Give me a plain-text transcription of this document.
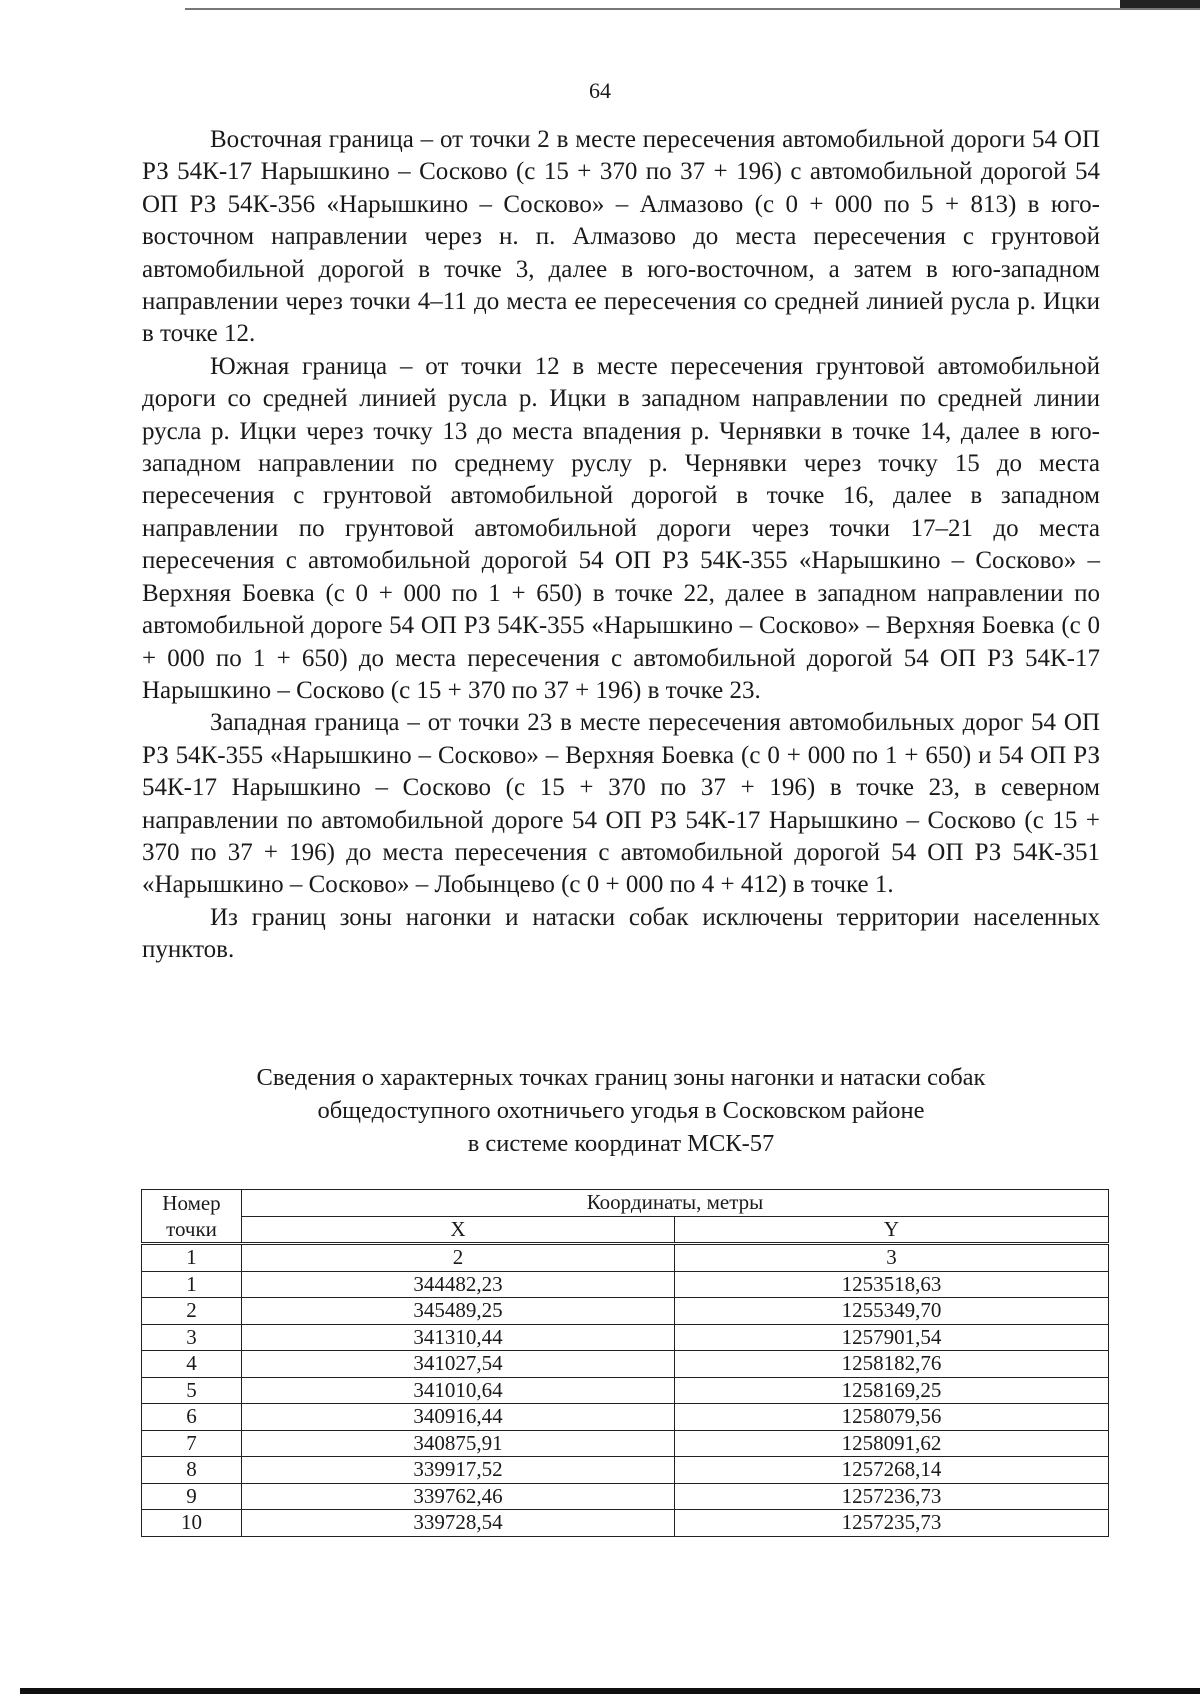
64

Восточная граница – от точки 2 в месте пересечения автомобильной дороги 54 ОП РЗ 54К-17 Нарышкино – Сосково (с 15 + 370 по 37 + 196) с автомобильной дорогой 54 ОП РЗ 54К-356 «Нарышкино – Сосково» – Алмазово (с 0 + 000 по 5 + 813) в юго-восточном направлении через н. п. Алмазово до места пересечения с грунтовой автомобильной дорогой в точке 3, далее в юго-восточном, а затем в юго-западном направлении через точки 4–11 до места ее пересечения со средней линией русла р. Ицки в точке 12.

Южная граница – от точки 12 в месте пересечения грунтовой автомобильной дороги со средней линией русла р. Ицки в западном направлении по средней линии русла р. Ицки через точку 13 до места впадения р. Чернявки в точке 14, далее в юго-западном направлении по среднему руслу р. Чернявки через точку 15 до места пересечения с грунтовой автомобильной дорогой в точке 16, далее в западном направлении по грунтовой автомобильной дороги через точки 17–21 до места пересечения с автомобильной дорогой 54 ОП РЗ 54К-355 «Нарышкино – Сосково» – Верхняя Боевка (с 0 + 000 по 1 + 650) в точке 22, далее в западном направлении по автомобильной дороге 54 ОП РЗ 54К-355 «Нарышкино – Сосково» – Верхняя Боевка (с 0 + 000 по 1 + 650) до места пересечения с автомобильной дорогой 54 ОП РЗ 54К-17 Нарышкино – Сосково (с 15 + 370 по 37 + 196) в точке 23.

Западная граница – от точки 23 в месте пересечения автомобильных дорог 54 ОП РЗ 54К-355 «Нарышкино – Сосково» – Верхняя Боевка (с 0 + 000 по 1 + 650) и 54 ОП РЗ 54К-17 Нарышкино – Сосково (с 15 + 370 по 37 + 196) в точке 23, в северном направлении по автомобильной дороге 54 ОП РЗ 54К-17 Нарышкино – Сосково (с 15 + 370 по 37 + 196) до места пересечения с автомобильной дорогой 54 ОП РЗ 54К-351 «Нарышкино – Сосково» – Лобынцево (с 0 + 000 по 4 + 412) в точке 1.

Из границ зоны нагонки и натаски собак исключены территории населенных пунктов.

Сведения о характерных точках границ зоны нагонки и натаски собак
общедоступного охотничьего угодья в Сосковском районе
в системе координат МСК-57
Номер
точки	Координаты, метры	
	X	Y
1	2	3
1	344482,23	1253518,63
2	345489,25	1255349,70
3	341310,44	1257901,54
4	341027,54	1258182,76
5	341010,64	1258169,25
6	340916,44	1258079,56
7	340875,91	1258091,62
8	339917,52	1257268,14
9	339762,46	1257236,73
10	339728,54	1257235,73
